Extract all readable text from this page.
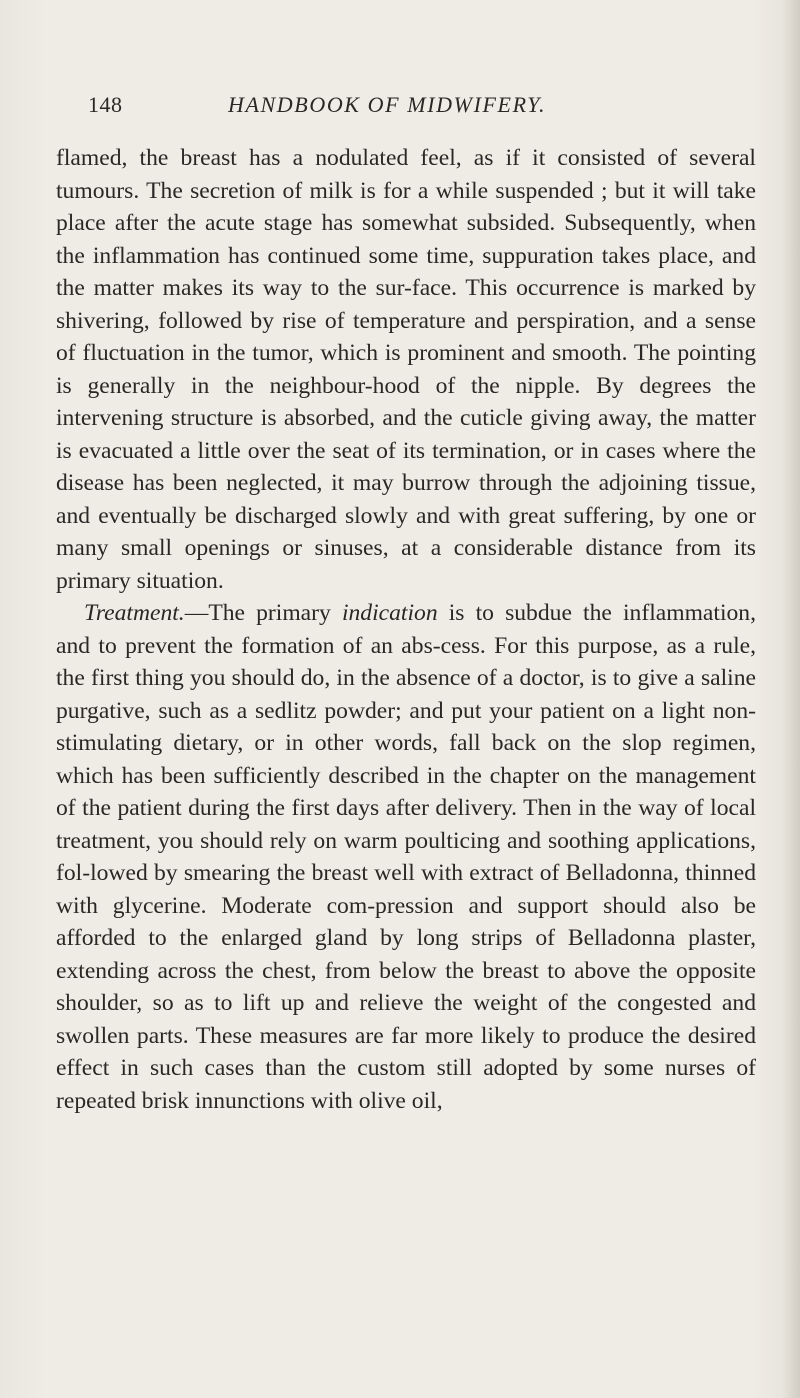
148	HANDBOOK OF MIDWIFERY.

flamed, the breast has a nodulated feel, as if it consisted of several tumours. The secretion of milk is for a while suspended ; but it will take place after the acute stage has somewhat subsided. Subsequently, when the inflammation has continued some time, suppuration takes place, and the matter makes its way to the sur-face. This occurrence is marked by shivering, followed by rise of temperature and perspiration, and a sense of fluctuation in the tumor, which is prominent and smooth. The pointing is generally in the neighbour-hood of the nipple. By degrees the intervening structure is absorbed, and the cuticle giving away, the matter is evacuated a little over the seat of its termination, or in cases where the disease has been neglected, it may burrow through the adjoining tissue, and eventually be discharged slowly and with great suffering, by one or many small openings or sinuses, at a considerable distance from its primary situation.

Treatment.—The primary indication is to subdue the inflammation, and to prevent the formation of an abs-cess. For this purpose, as a rule, the first thing you should do, in the absence of a doctor, is to give a saline purgative, such as a sedlitz powder; and put your patient on a light non-stimulating dietary, or in other words, fall back on the slop regimen, which has been sufficiently described in the chapter on the management of the patient during the first days after delivery. Then in the way of local treatment, you should rely on warm poulticing and soothing applications, fol-lowed by smearing the breast well with extract of Belladonna, thinned with glycerine. Moderate com-pression and support should also be afforded to the enlarged gland by long strips of Belladonna plaster, extending across the chest, from below the breast to above the opposite shoulder, so as to lift up and relieve the weight of the congested and swollen parts. These measures are far more likely to produce the desired effect in such cases than the custom still adopted by some nurses of repeated brisk innunctions with olive oil,
